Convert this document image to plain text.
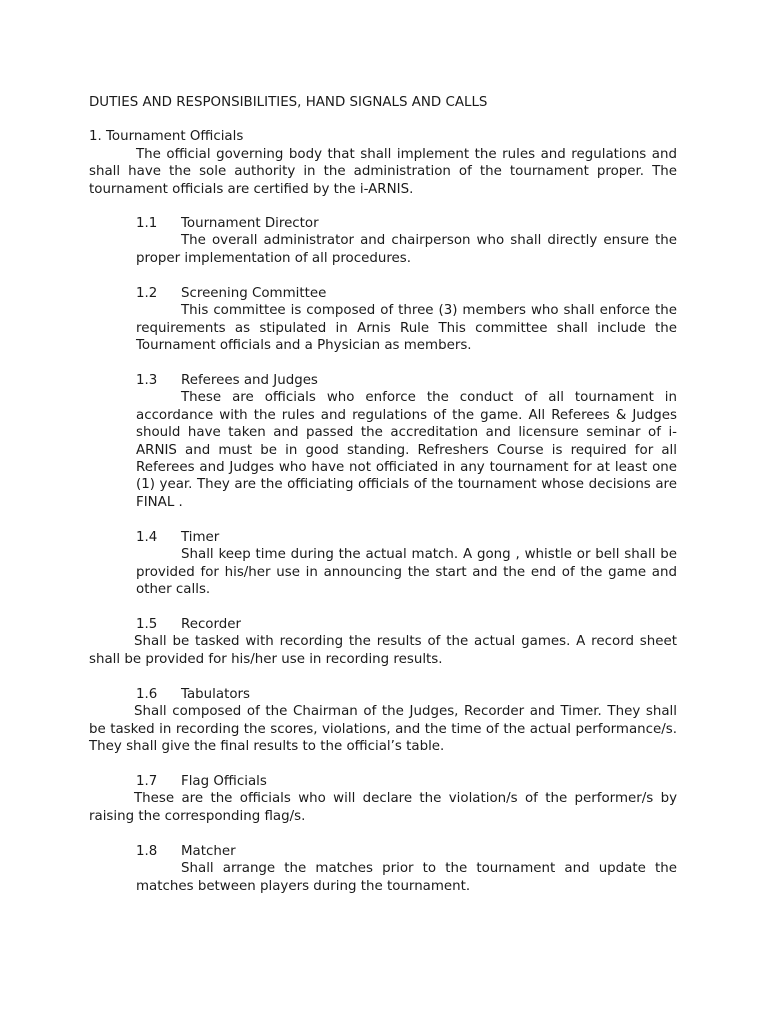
DUTIES AND RESPONSIBILITIES, HAND SIGNALS AND CALLS
1. Tournament Officials

The official governing body that shall implement the rules and regulations and shall have the sole authority in the administration of the tournament proper. The tournament officials are certified by the i-ARNIS.

1.1 Tournament Director

The overall administrator and chairperson who shall directly ensure the proper implementation of all procedures.

1.2 Screening Committee

This committee is composed of three (3) members who shall enforce the requirements as stipulated in Arnis Rule This committee shall include the Tournament officials and a Physician as members.

1.3 Referees and Judges

These are officials who enforce the conduct of all tournament in accordance with the rules and regulations of the game. All Referees & Judges should have taken and passed the accreditation and licensure seminar of i-ARNIS and must be in good standing. Refreshers Course is required for all Referees and Judges who have not officiated in any tournament for at least one (1) year. They are the officiating officials of the tournament whose decisions are FINAL .

1.4 Timer

Shall keep time during the actual match. A gong , whistle or bell shall be provided for his/her use in announcing the start and the end of the game and other calls.

1.5 Recorder

Shall be tasked with recording the results of the actual games. A record sheet shall be provided for his/her use in recording results.

1.6 Tabulators

Shall composed of the Chairman of the Judges, Recorder and Timer. They shall be tasked in recording the scores, violations, and the time of the actual performance/s. They shall give the final results to the official’s table.

1.7 Flag Officials

These are the officials who will declare the violation/s of the performer/s by raising the corresponding flag/s.

1.8 Matcher

Shall arrange the matches prior to the tournament and update the matches between players during the tournament.
